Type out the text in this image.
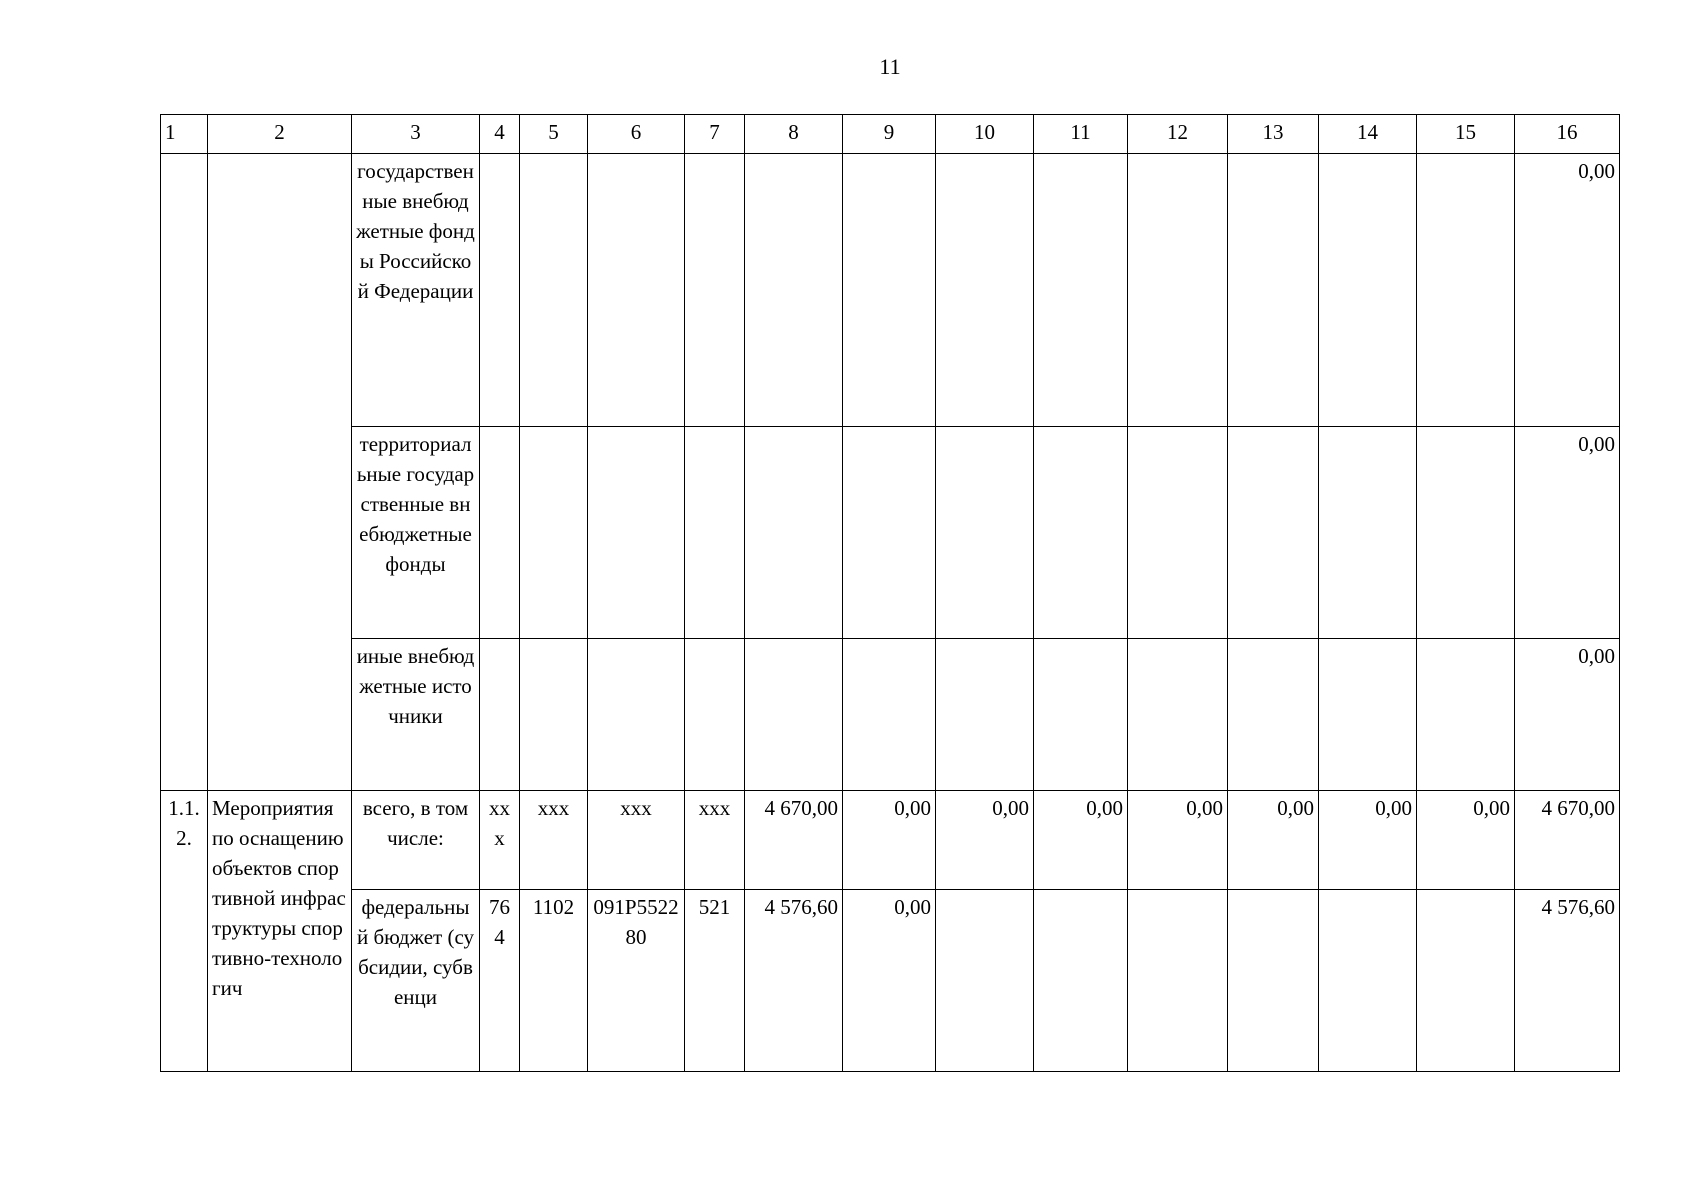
11
1	2	3	4	5	6	7	8	9	10	11	12	13	14	15	16
		государственные внебюджетные фонды Российской Федерации													0,00
		территориальные государственные внебюджетные фонды													0,00
		иные внебюджетные источники													0,00
1.1.2.	Мероприятия по оснащению объектов спортивной инфраструктуры спортивно-технологич	всего, в том числе:	xxx	xxx	xxx	xxx	4 670,00	0,00	0,00	0,00	0,00	0,00	0,00	0,00	4 670,00
		федеральный бюджет (субсидии, субвенци	764	1102	091P552280	521	4 576,60	0,00							4 576,60
